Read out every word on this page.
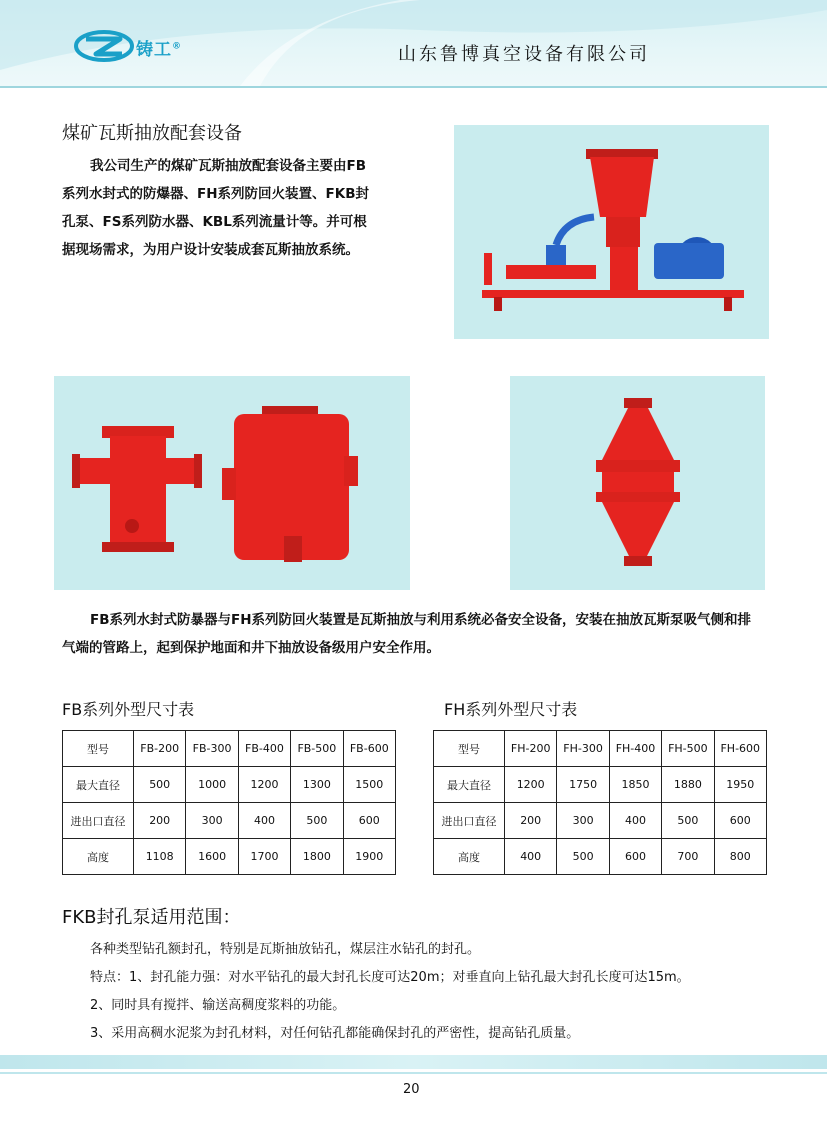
铸工®	山东鲁博真空设备有限公司
煤矿瓦斯抽放配套设备
我公司生产的煤矿瓦斯抽放配套设备主要由FB
系列水封式的防爆器、FH系列防回火装置、FKB封
孔泵、FS系列防水器、KBL系列流量计等。并可根
据现场需求，为用户设计安装成套瓦斯抽放系统。
FB系列水封式防暴器与FH系列防回火装置是瓦斯抽放与利用系统必备安全设备，安装在抽放瓦斯泵吸气侧和排
气端的管路上，起到保护地面和井下抽放设备级用户安全作用。
FB系列外型尺寸表
型号	FB-200	FB-300	FB-400	FB-500	FB-600
最大直径	500	1000	1200	1300	1500
进出口直径	200	300	400	500	600
高度	1108	1600	1700	1800	1900
FH系列外型尺寸表
型号	FH-200	FH-300	FH-400	FH-500	FH-600
最大直径	1200	1750	1850	1880	1950
进出口直径	200	300	400	500	600
高度	400	500	600	700	800
FKB封孔泵适用范围：
各种类型钻孔额封孔，特别是瓦斯抽放钻孔，煤层注水钻孔的封孔。
特点：1、封孔能力强：对水平钻孔的最大封孔长度可达20m；对垂直向上钻孔最大封孔长度可达15m。
2、同时具有搅拌、输送高稠度浆料的功能。
3、采用高稠水泥浆为封孔材料，对任何钻孔都能确保封孔的严密性，提高钻孔质量。
20
